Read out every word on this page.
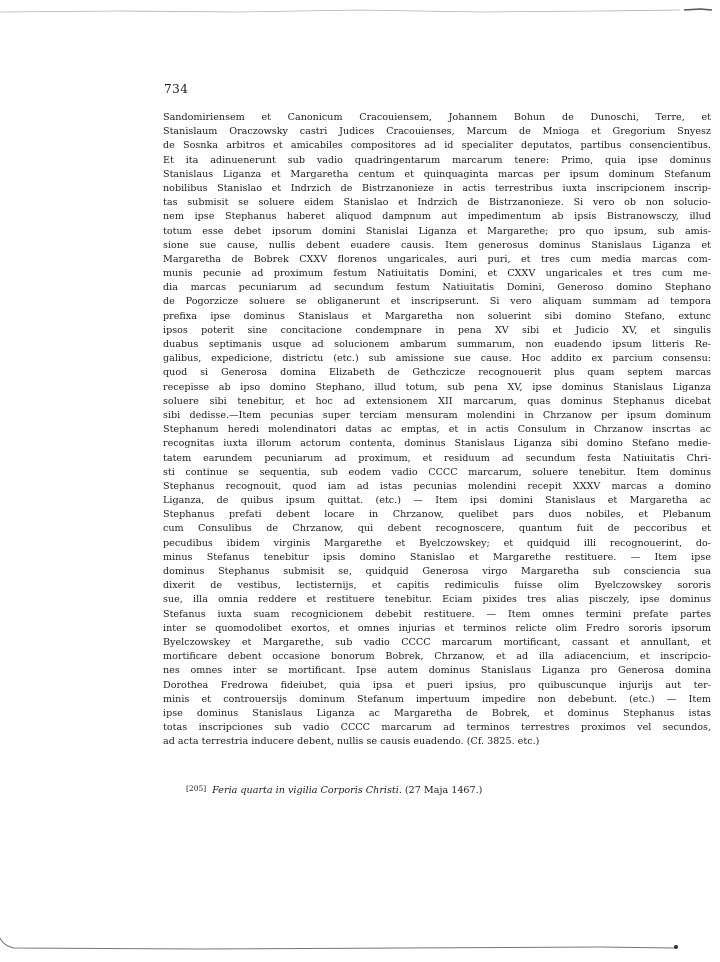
734
Sandomiriensem et Canonicum Cracouiensem, Johannem Bohun de Dunoschi, Terre, et
Stanislaum Oraczowsky castri Judices Cracouienses, Marcum de Mnioga et Gregorium Snyesz
de Sosnka arbitros et amicabiles compositores ad id specialiter deputatos, partibus consencientibus.
Et ita adinuenerunt sub vadio quadringentarum marcarum tenere: Primo, quia ipse dominus
Stanislaus Liganza et Margaretha centum et quinquaginta marcas per ipsum dominum Stefanum
nobilibus Stanislao et Indrzich de Bistrzanonieze in actis terrestribus iuxta inscripcionem inscrip-
tas submisit se soluere eidem Stanislao et Indrzich de Bistrzanonieze. Si vero ob non solucio-
nem ipse Stephanus haberet aliquod dampnum aut impedimentum ab ipsis Bistranowsczy, illud
totum esse debet ipsorum domini Stanislai Liganza et Margarethe; pro quo ipsum, sub amis-
sione sue cause, nullis debent euadere causis. Item generosus dominus Stanislaus Liganza et
Margaretha de Bobrek CXXV florenos ungaricales, auri puri, et tres cum media marcas com-
munis pecunie ad proximum festum Natiuitatis Domini, et CXXV ungaricales et tres cum me-
dia marcas pecuniarum ad secundum festum Natiuitatis Domini, Generoso domino Stephano
de Pogorzicze soluere se obliganerunt et inscripserunt. Si vero aliquam summam ad tempora
prefixa ipse dominus Stanislaus et Margaretha non soluerint sibi domino Stefano, extunc
ipsos poterit sine concitacione condempnare in pena XV sibi et Judicio XV, et singulis
duabus septimanis usque ad solucionem ambarum summarum, non euadendo ipsum litteris Re-
galibus, expedicione, districtu (etc.) sub amissione sue cause. Hoc addito ex parcium consensu:
quod si Generosa domina Elizabeth de Gethczicze recognouerit plus quam septem marcas
recepisse ab ipso domino Stephano, illud totum, sub pena XV, ipse dominus Stanislaus Liganza
soluere sibi tenebitur, et hoc ad extensionem XII marcarum, quas dominus Stephanus dicebat
sibi dedisse.—Item pecunias super terciam mensuram molendini in Chrzanow per ipsum dominum
Stephanum heredi molendinatori datas ac emptas, et in actis Consulum in Chrzanow inscrtas ac
recognitas iuxta illorum actorum contenta, dominus Stanislaus Liganza sibi domino Stefano medie-
tatem earundem pecuniarum ad proximum, et residuum ad secundum festa Natiuitatis Chri-
sti continue se sequentia, sub eodem vadio CCCC marcarum, soluere tenebitur. Item dominus
Stephanus recognouit, quod iam ad istas pecunias molendini recepit XXXV marcas a domino
Liganza, de quibus ipsum quittat. (etc.) — Item ipsi domini Stanislaus et Margaretha ac
Stephanus prefati debent locare in Chrzanow, quelibet pars duos nobiles, et Plebanum
cum Consulibus de Chrzanow, qui debent recognoscere, quantum fuit de peccoribus et
pecudibus ibidem virginis Margarethe et Byelczowskey; et quidquid illi recognouerint, do-
minus Stefanus tenebitur ipsis domino Stanislao et Margarethe restituere. — Item ipse
dominus Stephanus submisit se, quidquid Generosa virgo Margaretha sub consciencia sua
dixerit de vestibus, lectisternijs, et capitis redimiculis fuisse olim Byelczowskey sororis
sue, illa omnia reddere et restituere tenebitur. Eciam pixides tres alias pisczely, ipse dominus
Stefanus iuxta suam recognicionem debebit restituere. — Item omnes termini prefate partes
inter se quomodolibet exortos, et omnes injurias et terminos relicte olim Fredro sororis ipsorum
Byelczowskey et Margarethe, sub vadio CCCC marcarum mortificant, cassant et annullant, et
mortificare debent occasione bonorum Bobrek, Chrzanow, et ad illa adiacencium, et inscripcio-
nes omnes inter se mortificant. Ipse autem dominus Stanislaus Liganza pro Generosa domina
Dorothea Fredrowa fideiubet, quia ipsa et pueri ipsius, pro quibuscunque injurijs aut ter-
minis et controuersijs dominum Stefanum impertuum impedire non debebunt. (etc.) — Item
ipse dominus Stanislaus Liganza ac Margaretha de Bobrek, et dominus Stephanus istas
totas inscripciones sub vadio CCCC marcarum ad terminos terrestres proximos vel secundos,
ad acta terrestria inducere debent, nullis se causis euadendo. (Cf. 3825. etc.)
[205] Feria quarta in vigilia Corporis Christi. (27 Maja 1467.)
